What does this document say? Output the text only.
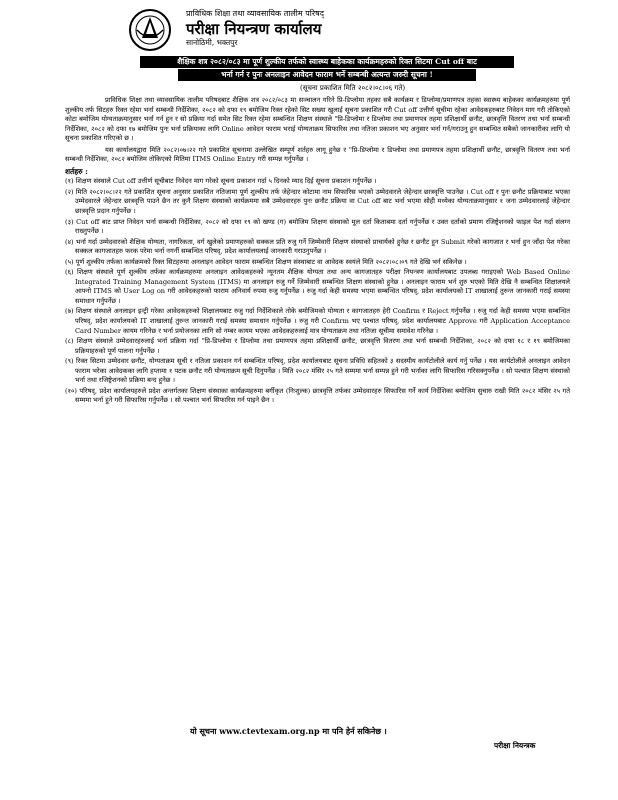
प्राविधिक शिक्षा तथा व्यावसायिक तालीम परिषद्
परीक्षा नियन्त्रण कार्यालय
सानोठिमी, भक्तपुर
शैक्षिक शत्र २०८२/०८३ मा पूर्ण शुल्कीय तर्फको स्वास्थ्य बाहेकका कार्यक्रमहरुको रिक्त सिटमा Cut off बाट
भर्ना गर्न र पुनः अनलाइन आवेदन फाराम भर्ने सम्बन्धी अत्यन्त जरुरी सूचना !
(सूचना प्रकाशित मिति २०८२।०८।०६ गते)

प्राविधिक शिक्षा तथा व्यावसायिक तालीम परिषदबाट शैक्षिक शत्र २०८२/०८३ मा सञ्चालन गरिने प्रि-डिप्लोमा तहका सबै कार्यक्रम र डिप्लोमा/प्रमाणपत्र तहका स्वास्थ्य बाहेकका कार्यक्रमहरुमा पूर्ण शुल्कीय तर्फ सिटहरु रिक्त रहेमा भर्ना सम्बन्धी निर्देशिका, २०८२ को दफा १९ बमोजिम रिक्त रहेको सिट सख्या खुलाई सूचना प्रकाशित गरी Cut off उत्तीर्ण सूचीमा रहेका आवेदकहरुबाट निवेदन माग गरी तोकिएको कोटा बमोजिम योग्यताक्रमानुसार भर्ना गर्न हुन र सो प्रक्रिया गर्दा समेत सिट रिक्त रहेमा सम्बन्धित शिक्षण संस्थाले "प्रि-डिप्लोमा र डिप्लोमा तथा प्रमाणपत्र तहमा प्रशिक्षार्थी छनौट, छात्रवृत्ति वितरण तथा भर्ना सम्बन्धी निर्देशिका, २०८२ को दफा १७ बमोजिम पुनः भर्ना प्रक्रियाका लागि Online आवेदन फाराम भराई योग्यताक्रम सिफारिस तथा नतिजा प्रकाशन भए अनुसार भर्ना गर्न/गराउनु हुन सम्बन्धित सबैको जानकारीका लागि यो सूचना प्रकाशित गरिएको छ ।

यस कार्यालयद्वारा मिति २०८२।०७।२२ गते प्रकाशित सूचनामा उल्लेखित सम्पूर्ण शर्तहरु लागू हुनेछ र "प्रि-डिप्लोमा र डिप्लोमा तथा प्रमाणपत्र तहमा प्रशिक्षार्थी छनौट, छात्रवृत्ति वितरण तथा भर्ना सम्बन्धी निर्देशिका, २०८२ बमोजिम तोकिएको मितिमा ITMS Online Entry गरी सम्पन्न गर्नुपर्नेछ ।

शर्तहरु :

(१) शिक्षण संस्थाले Cut off उत्तीर्ण सूचीबाट निवेदन माग गरेको सूचना प्रकाशन गर्दा ५ दिनको म्याद दिई सूचना प्रकाशन गर्नुपर्नेछ ।

(२) मिति २०८२।०८।२२ गते प्रकाशित सूचना अनुसार प्रकाशित नतिजामा पूर्ण शुल्कीय तर्फ जेहेन्दार कोटामा नाम सिफारिस भएको उम्मेदवारले जेहेन्दार छात्रवृत्ति पाउनेछ । Cut off र पुनः छनौट प्रक्रियाबाट भएका उम्मेदवारले जेहेन्दार छात्रवृत्ति पाउने छैन तर कुनै शिक्षण संस्थाको कार्यक्रममा सबै उम्मेदवारहरु पुनः छनौट प्रक्रिया वा Cut off बाट भर्ना भएमा सोही मध्येका योग्यताक्रमानुसार १ जना उम्मेदवारलाई जेहेन्दार छात्रवृत्ति प्रदान गर्नुपर्नेछ ।

(३) Cut off बाट प्राप्त निवेदन भर्ना सम्बन्धी निर्देशिका, २०८२ को दफा १९ को खण्ड (ग) बमोजिम शिक्षण संस्थाको मूल दर्ता किताबमा दर्ता गर्नुपर्नेछ र उक्त दर्ताको प्रमाण रजिष्ट्रेशनको फाइल पेश गर्दा संलग्न राख्नुपर्नेछ ।

(४) भर्ना गर्दा उम्मेदवारको शैक्षिक योग्यता, नागरिकता, वर्ग खुलेको प्रमाणहरुको सक्कल प्रति रुजु गर्ने जिम्मेवारी शिक्षण संस्थाको प्राचार्यको हुनेछ र छनौट हुन Submit गरेको कागजात र भर्ना हुन जाँदा पेश गरेका सक्कल कागजातहरु फरक परेमा भर्ना नगर्नी सम्बन्धित परिषद्, प्रदेश कार्यालयलाई जानकारी गराउनुपर्नेछ ।

(५) पूर्ण शुल्कीय तर्फका कार्यक्रमको रिक्त सिटहरुमा अनलाइन आवेदन फाराम सम्बन्धित शिक्षण संस्थाबाट वा आवेदक स्वयंले मिति २०८२।०८।०९ गते देखि भर्न सकिनेछ ।

(६) शिक्षण संस्थाले पूर्ण शुल्कीय तर्फका कार्यक्रमहरुमा अनलाइन आवेदकहरुको न्यूनतम शैक्षिक योग्यता तथा अन्य कागजातहरु परीक्षा नियन्त्रण कार्यालयबाट उपलब्ध गराइएको Web Based Online Integrated Training Management System (ITMS) मा अनलाइन रुजु गर्ने जिम्मेवारी सम्बन्धित शिक्षण संस्थाको हुनेछ । अनलाइन फाराम भर्न शुरु भएको मिति देखि नै सम्बन्धित शिक्षालयले आफ्नो ITMS को User Log on गरी आवेदकहरुको फाराम अनिवार्य रुपमा रुजु गर्नुपर्नेछ । रुजु गर्दा केही समस्या भएमा सम्बन्धित परिषद्, प्रदेश कार्यालयको IT शाखालाई तुरुन्त जानकारी गराई समस्या समाधान गर्नुपर्नेछ ।

(७) शिक्षण संस्थाले अनलाइन इन्ट्री गरेका आवेदकहरुको शिक्षालयबाट रुजु गर्दा निर्देशिकाले तोके बमोजिमको योग्यता र कागजातहरु हेरी Confirm र Reject गर्नुपर्नेछ । रुजु गर्दा केही समस्या भएमा सम्बन्धित परिषद्, प्रदेश कार्यालयको IT शाखालाई तुरुन्त जानकारी गराई समस्या समाधान गर्नुपर्नेछ । रुजु गरी Confirm भए पश्चात परिषद्, प्रदेश कार्यालयबाट Approve गरी Application Acceptance Card Number कायम गरिनेछ र भर्ना प्रयोजनका लागि सो नम्बर कायम भएका आवेदकहरुलाई मात्र योग्यताक्रम तथा नतिजा सूचीमा समावेश गरिनेछ ।

(८) शिक्षण संस्थाले उम्मेदवारहरुलाई भर्ना प्रक्रिया गर्दा "प्रि-डिप्लोमा र डिप्लोमा तथा प्रमाणपत्र तहमा प्रशिक्षार्थी छनौट, छात्रवृत्ति वितरण तथा भर्ना सम्बन्धी निर्देशिका, २०८२ को दफा १८ र १९ बमोजिमका प्रक्रियाहरुको पूर्ण पालना गर्नुपर्नेछ ।

(९) रिक्त सिटमा उम्मेदवार छनौट, योग्यताक्रम सूची र नतिजा प्रकाशन गर्न सम्बन्धित परिषद्, प्रदेश कार्यालयबाट सूचना प्रविधि सहितको ३ सदस्यीय कार्यटोलीले कार्य गर्नु पर्नेछ । यस कार्यटोलीले अनलाइन आवेदन फाराम भरेका आवेदकका लागि हप्तामा १ पटक छनौट गरी योग्यताक्रम सूची दिनुपर्नेछ । मिति २०८२ मंसिर २५ गते सम्ममा भर्ना सम्पन्न हुने गरी भर्नाका लागि सिफारिस गरिसक्नुपर्नेछ । सो पश्चात शिक्षण संस्थाको भर्ना तथा रजिष्ट्रेशनको प्रक्रिया बन्द हुनेछ ।

(१०) परिषद्, प्रदेश कार्यालयहरुले प्रदेश अन्तर्गतका शिक्षण संस्थाका कार्यक्रमहरुमा बर्गीकृत (निःशुल्क) छात्रवृत्ति तर्फका उम्मेदवारहरु सिफारिस गर्ने कार्य निर्देशिका बमोजिम सुचारु राखी मिति २०८२ मंसिर २५ गते सम्ममा भर्ना हुने गरी सिफारिस गर्नुपर्नेछ । सो पश्चात भर्ना सिफारिस गर्न पाइने छैन ।

यो सूचना www.ctevtexam.org.np मा पनि हेर्न सकिनेछ ।
परीक्षा नियन्त्रक
